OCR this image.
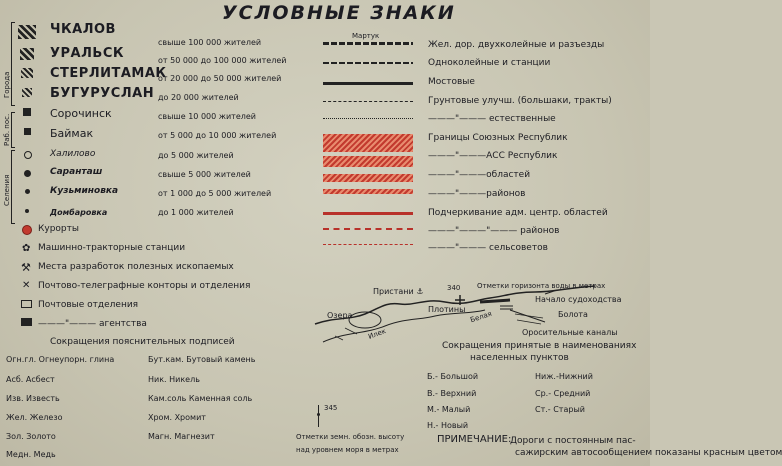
УСЛОВНЫЕ ЗНАКИ
Города
Раб. пос.
Селения
✿
⚒
✕
ЧКАЛОВ
УРАЛЬСК
СТЕРЛИТАМАК
БУГУРУСЛАН
Сорочинск
Баймак
Халилово
Саранташ
Кузьминовка
Домбаровка
свыше 100 000 жителей
от 50 000 до 100 000 жителей
от 20 000 до 50 000 жителей
до 20 000 жителей
свыше 10 000 жителей
от 5 000 до 10 000 жителей
до 5 000 жителей
свыше 5 000 жителей
от 1 000 до 5 000 жителей
до 1 000 жителей
Курорты
Машинно-тракторные станции
Места разработок полезных ископаемых
Почтово-телеграфные конторы и отделения
Почтовые отделения
———"——— агентства
Сокращения пояснительных подписей
Огн.гл. Огнеупорн. глина
Асб. Асбест
Изв. Известь
Жел. Железо
Зол. Золото
Медн. Медь
Бут.кам. Бутовый камень
Ник. Никель
Кам.соль Каменная соль
Хром. Хромит
Магн. Магнезит
Мартук
Жел. дор. двухколейные и разъезды
Одноколейные и станции
Мостовые
Грунтовые улучш. (большаки, тракты)
———"——— естественные
Границы Союзных Республик
———"———АСС Республик
———"———областей
———"———районов
Подчеркивание адм. центр. областей
———"———"——— районов
———"——— сельсоветов
Пристани ⚓	340 Отметки горизонта воды в метрах
Начало судоходства
Озера
Плотины
Болота
Белая
Илек	Оросительные каналы
Сокращения принятые в наименованиях
населенных пунктов
Б.- Большой
В.- Верхний
М.- Малый
Н.- Новый
Ниж.-Нижний
Ср.- Средний
Ст.- Старый
345
Отметки земн. обозн. высоту
над уровнем моря в метрах
ПРИМЕЧАНИЕ:
Дороги с постоянным пас-
сажирским автосообщением показаны красным цветом
